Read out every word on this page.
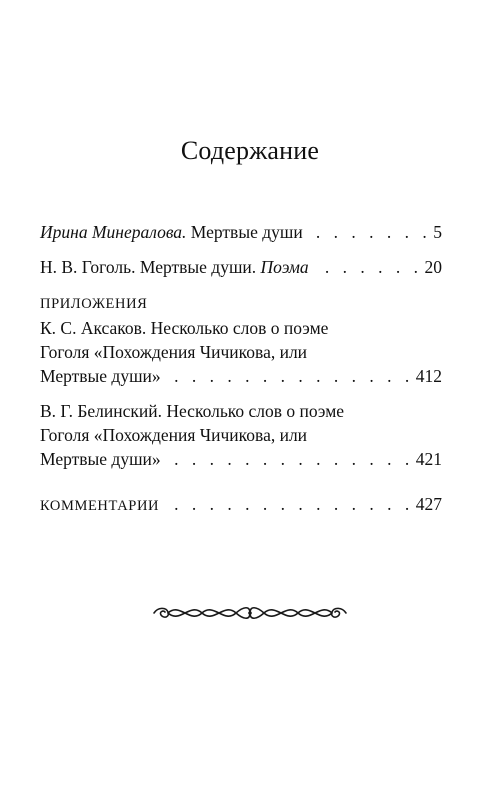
Содержание
Ирина Минералова.
Мертвые души . . .	5
Н. В. Гоголь.
Мертвые души.
Поэма . . .	20
ПРИЛОЖЕНИЯ
К. С. Аксаков. Несколько слов о поэме
Гоголя «Похождения Чичикова, или
Мертвые души» . . .	412
В. Г. Белинский. Несколько слов о поэме
Гоголя «Похождения Чичикова, или
Мертвые души» . . .	421
КОММЕНТАРИИ . . .	427
